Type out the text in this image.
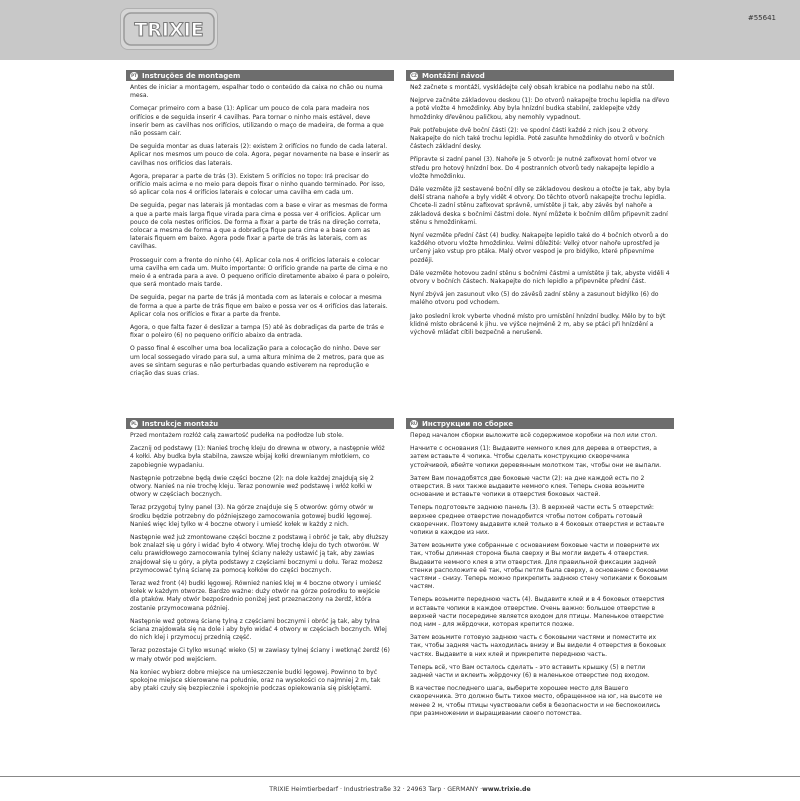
TRIXIE
#55641
PT Instruções de montagem

Antes de iniciar a montagem, espalhar todo o conteúdo da caixa no chão ou numa mesa.

Começar primeiro com a base (1): Aplicar um pouco de cola para madeira nos orifícios e de seguida inserir 4 cavilhas. Para tornar o ninho mais estável, deve inserir bem as cavilhas nos orifícios, utilizando o maço de madeira, de forma a que não possam cair.

De seguida montar as duas laterais (2): existem 2 orifícios no fundo de cada lateral. Aplicar nos mesmos um pouco de cola. Agora, pegar novamente na base e inserir as cavilhas nos orifícios das laterais.

Agora, preparar a parte de trás (3). Existem 5 orifícios no topo: Irá precisar do orifício mais acima e no meio para depois fixar o ninho quando terminado. Por isso, só aplicar cola nos 4 orifícios laterais e colocar uma cavilha em cada um.

De seguida, pegar nas laterais já montadas com a base e virar as mesmas de forma a que a parte mais larga fique virada para cima e possa ver 4 orifícios. Aplicar um pouco de cola nestes orifícios. De forma a fixar a parte de trás na direção correta, colocar a mesma de forma a que a dobradiça fique para cima e a base com as laterais fiquem em baixo. Agora pode fixar a parte de trás às laterais, com as cavilhas.

Prosseguir com a frente do ninho (4). Aplicar cola nos 4 orifícios laterais e colocar uma cavilha em cada um. Muito importante: O orifício grande na parte de cima e no meio é a entrada para a ave. O pequeno orifício diretamente abaixo é para o poleiro, que será montado mais tarde.

De seguida, pegar na parte de trás já montada com as laterais e colocar a mesma de forma a que a parte de trás fique em baixo e possa ver os 4 orifícios das laterais. Aplicar cola nos orifícios e fixar a parte da frente.

Agora, o que falta fazer é deslizar a tampa (5) até às dobradiças da parte de trás e fixar o poleiro (6) no pequeno orifício abaixo da entrada.

O passo final é escolher uma boa localização para a colocação do ninho. Deve ser um local sossegado virado para sul, a uma altura mínima de 2 metros, para que as aves se sintam seguras e não perturbadas quando estiverem na reprodução e criação das suas crias.

CZ Montážní návod

Než začnete s montáží, vyskládejte celý obsah krabice na podlahu nebo na stůl.

Nejprve začněte základovou deskou (1): Do otvorů nakapejte trochu lepidla na dřevo a poté vložte 4 hmoždinky. Aby byla hnízdní budka stabilní, zaklepejte vždy hmoždinky dřevěnou paličkou, aby nemohly vypadnout.

Pak potřebujete dvě boční části (2): ve spodní části každé z nich jsou 2 otvory. Nakapejte do nich také trochu lepidla. Poté zasuňte hmoždinky do otvorů v bočních částech základní desky.

Připravte si zadní panel (3). Nahoře je 5 otvorů: Je nutné zafixovat horní otvor ve středu pro hotový hnízdní box. Do 4 postranních otvorů tedy nakapejte lepidlo a vložte hmoždinku.

Dále vezměte již sestavené boční díly se základovou deskou a otočte je tak, aby byla delší strana nahoře a byly vidět 4 otvory. Do těchto otvorů nakapejte trochu lepidla. Chcete-li zadní stěnu zafixovat správně, umístěte ji tak, aby závěs byl nahoře a základová deska s bočními částmi dole. Nyní můžete k bočním dílům připevnit zadní stěnu s hmoždinkami.

Nyní vezměte přední část (4) budky. Nakapejte lepidlo také do 4 bočních otvorů a do každého otvoru vložte hmoždinku. Velmi důležité: Velký otvor nahoře uprostřed je určený jako vstup pro ptáka. Malý otvor vespod je pro bidýlko, které připevníme později.

Dále vezměte hotovou zadní stěnu s bočními částmi a umístěte ji tak, abyste viděli 4 otvory v bočních částech. Nakapejte do nich lepidlo a připevněte přední část.

Nyní zbývá jen zasunout víko (5) do závěsů zadní stěny a zasunout bidýlko (6) do malého otvoru pod vchodem.

Jako poslední krok vyberte vhodné místo pro umístění hnízdní budky. Mělo by to být klidné místo obrácené k jihu. ve výšce nejméně 2 m, aby se ptáci při hnízdění a výchově mláďat cítili bezpečně a nerušeně.

PL Instrukcje montażu

Przed montażem rozłóż całą zawartość pudełka na podłodze lub stole.

Zacznij od podstawy (1): Nanieś trochę kleju do drewna w otwory, a następnie włóż 4 kołki. Aby budka była stabilna, zawsze wbijaj kołki drewnianym młotkiem, co zapobiegnie wypadaniu.

Następnie potrzebne będą dwie części boczne (2): na dole każdej znajdują się 2 otwory. Nanieś na nie trochę kleju. Teraz ponownie weź podstawę i włóż kołki w otwory w częściach bocznych.

Teraz przygotuj tylny panel (3). Na górze znajduje się 5 otworów: górny otwór w środku będzie potrzebny do późniejszego zamocowania gotowej budki lęgowej. Nanieś więc klej tylko w 4 boczne otwory i umieść kołek w każdy z nich.

Następnie weź już zmontowane części boczne z podstawą i obróć je tak, aby dłuższy bok znalazł się u góry i widać było 4 otwory. Wlej trochę kleju do tych otworów. W celu prawidłowego zamocowania tylnej ściany należy ustawić ją tak, aby zawias znajdował się u góry, a płyta podstawy z częściami bocznymi u dołu. Teraz możesz przymocować tylną ścianę za pomocą kołków do części bocznych.

Teraz weź front (4) budki lęgowej. Również nanieś klej w 4 boczne otwory i umieść kołek w każdym otworze. Bardzo ważne: duży otwór na górze pośrodku to wejście dla ptaków. Mały otwór bezpośrednio poniżej jest przeznaczony na żerdź, która zostanie przymocowana później.

Następnie weź gotową ścianę tylną z częściami bocznymi i obróć ją tak, aby tylna ściana znajdowała się na dole i aby było widać 4 otwory w częściach bocznych. Wlej do nich klej i przymocuj przednią część.

Teraz pozostaje Ci tylko wsunąć wieko (5) w zawiasy tylnej ściany i wetknąć żerdź (6) w mały otwór pod wejściem.

Na koniec wybierz dobre miejsce na umieszczenie budki lęgowej. Powinno to być spokojne miejsce skierowane na południe, oraz na wysokości co najmniej 2 m, tak aby ptaki czuły się bezpiecznie i spokojnie podczas opiekowania się pisklętami.

RU Инструкции по сборке

Перед началом сборки выложите всё содержимое коробки на пол или стол.

Начните с основания (1): Выдавите немного клея для дерева в отверстия, а затем вставьте 4 чопика. Чтобы сделать конструкцию скворечника устойчивой, вбейте чопики деревянным молотком так, чтобы они не выпали.

Затем Вам понадобятся две боковые части (2): на дне каждой есть по 2 отверстия. В них также выдавите немного клея. Теперь снова возьмите основание и вставьте чопики в отверстия боковых частей.

Теперь подготовьте заднюю панель (3). В верхней части есть 5 отверстий: верхнее среднее отверстие понадобится чтобы потом собрать готовый скворечник. Поэтому выдавите клей только в 4 боковых отверстия и вставьте чопики в каждое из них.

Затем возьмите уже собранные с основанием боковые части и поверните их так, чтобы длинная сторона была сверху и Вы могли видеть 4 отверстия. Выдавите немного клея в эти отверстия. Для правильной фиксации задней стенки расположите её так, чтобы петля была сверху, а основание с боковыми частями - снизу. Теперь можно прикрепить заднюю стену чопиками к боковым частям.

Теперь возьмите переднюю часть (4). Выдавите клей и в 4 боковых отверстия и вставьте чопики в каждое отверстие. Очень важно: большое отверстие в верхней части посередине является входом для птицы. Маленькое отверстие под ним - для жёрдочки, которая крепится позже.

Затем возьмите готовую заднюю часть с боковыми частями и поместите их так, чтобы задняя часть находилась внизу и Вы видели 4 отверстия в боковых частях. Выдавите в них клей и прикрепите переднюю часть.

Теперь всё, что Вам осталось сделать - это вставить крышку (5) в петли задней части и вклеить жёрдочку (6) в маленькое отверстие под входом.

В качестве последнего шага, выберите хорошее место для Вашего скворечника. Это должно быть тихое место, обращенное на юг, на высоте не менее 2 м, чтобы птицы чувствовали себя в безопасности и не беспокоились при размножении и выращивании своего потомства.

TRIXIE Heimtierbedarf · Industriestraße 32 · 24963 Tarp · GERMANY · www.trixie.de
